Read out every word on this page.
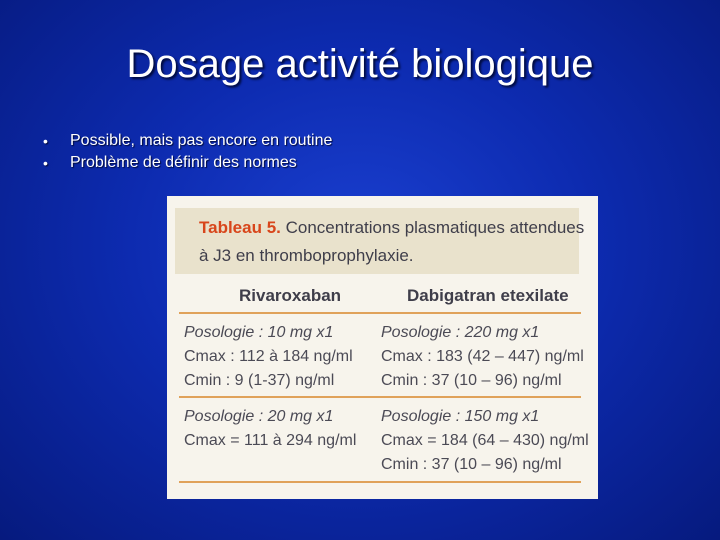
Dosage activité biologique
• Possible, mais pas encore en routine
• Problème de définir des normes
Tableau 5. Concentrations plasmatiques attendues
à J3 en thromboprophylaxie.
Rivaroxaban	Dabigatran etexilate
Posologie : 10 mg x1
Cmax : 112 à 184 ng/ml
Cmin : 9 (1-37) ng/ml
Posologie : 220 mg x1
Cmax : 183 (42 – 447) ng/ml
Cmin : 37 (10 – 96) ng/ml
Posologie : 20 mg x1
Cmax = 111 à 294 ng/ml
Posologie : 150 mg x1
Cmax = 184 (64 – 430) ng/ml
Cmin : 37 (10 – 96) ng/ml
